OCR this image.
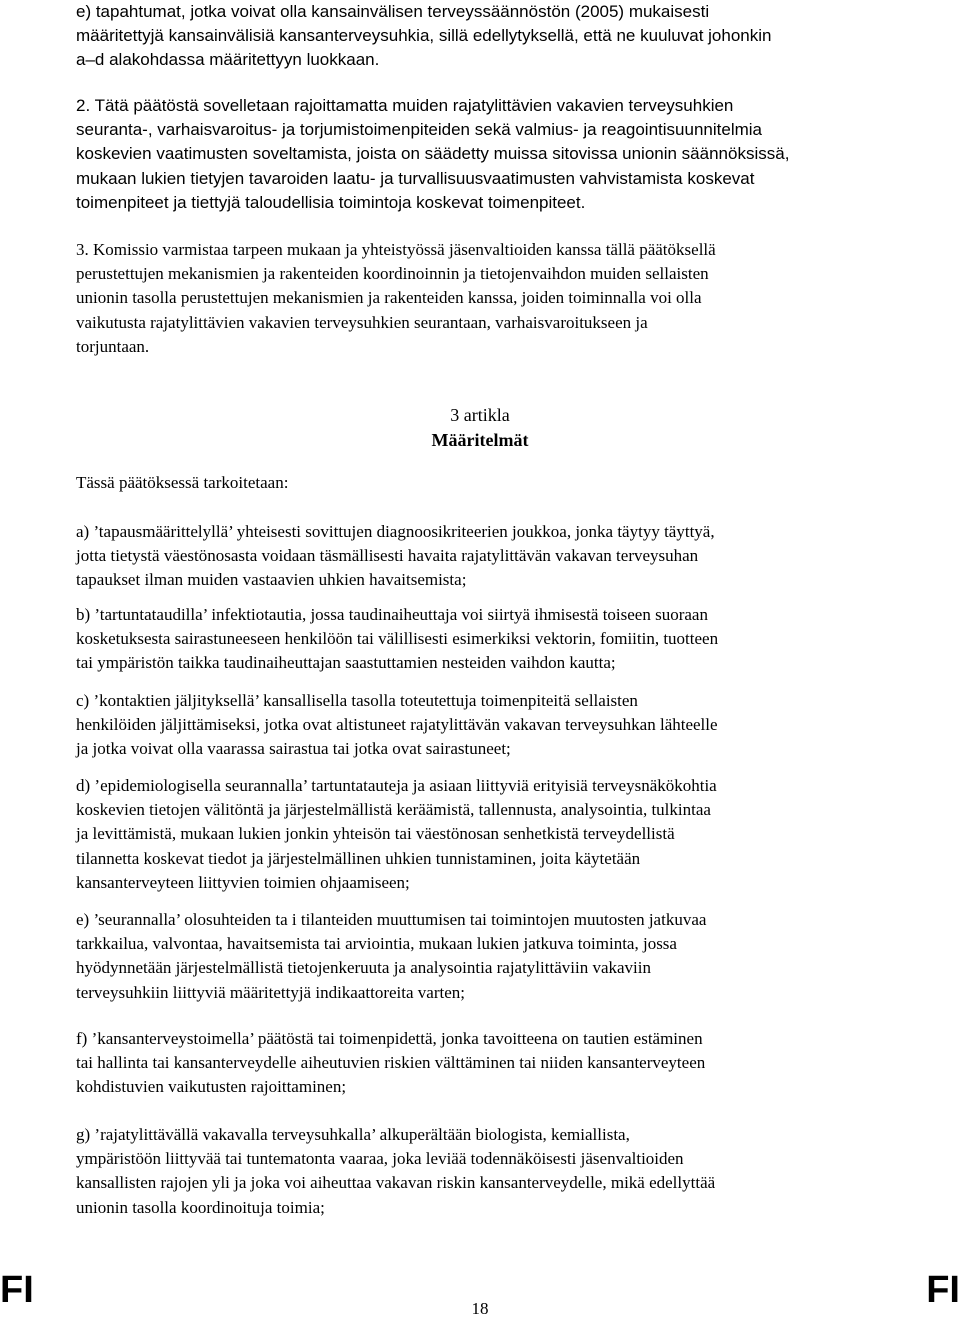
e) tapahtumat, jotka voivat olla kansainvälisen terveyssäännöstön (2005) mukaisesti
määritettyjä kansainvälisiä kansanterveysuhkia, sillä edellytyksellä, että ne kuuluvat johonkin
a–d alakohdassa määritettyyn luokkaan.

2. Tätä päätöstä sovelletaan rajoittamatta muiden rajatylittävien vakavien terveysuhkien
seuranta-, varhaisvaroitus- ja torjumistoimenpiteiden sekä valmius- ja reagointisuunnitelmia
koskevien vaatimusten soveltamista, joista on säädetty muissa sitovissa unionin säännöksissä,
mukaan lukien tietyjen tavaroiden laatu- ja turvallisuusvaatimusten vahvistamista koskevat
toimenpiteet ja tiettyjä taloudellisia toimintoja koskevat toimenpiteet.

3. Komissio varmistaa tarpeen mukaan ja yhteistyössä jäsenvaltioiden kanssa tällä päätöksellä
perustettujen mekanismien ja rakenteiden koordinoinnin ja tietojenvaihdon muiden sellaisten
unionin tasolla perustettujen mekanismien ja rakenteiden kanssa, joiden toiminnalla voi olla
vaikutusta rajatylittävien vakavien terveysuhkien seurantaan, varhaisvaroitukseen ja
torjuntaan.

3 artikla

Määritelmät

Tässä päätöksessä tarkoitetaan:

a) ’tapausmäärittelyllä’ yhteisesti sovittujen diagnoosikriteerien joukkoa, jonka täytyy täyttyä,
jotta tietystä väestönosasta voidaan täsmällisesti havaita rajatylittävän vakavan terveysuhan
tapaukset ilman muiden vastaavien uhkien havaitsemista;

b) ’tartuntataudilla’ infektiotautia, jossa taudinaiheuttaja voi siirtyä ihmisestä toiseen suoraan
kosketuksesta sairastuneeseen henkilöön tai välillisesti esimerkiksi vektorin, fomiitin, tuotteen
tai ympäristön taikka taudinaiheuttajan saastuttamien nesteiden vaihdon kautta;

c) ’kontaktien jäljityksellä’ kansallisella tasolla toteutettuja toimenpiteitä sellaisten
henkilöiden jäljittämiseksi, jotka ovat altistuneet rajatylittävän vakavan terveysuhkan lähteelle
ja jotka voivat olla vaarassa sairastua tai jotka ovat sairastuneet;

d) ’epidemiologisella seurannalla’ tartuntatauteja ja asiaan liittyviä erityisiä terveysnäkökohtia
koskevien tietojen välitöntä ja järjestelmällistä keräämistä, tallennusta, analysointia, tulkintaa
ja levittämistä, mukaan lukien jonkin yhteisön tai väestönosan senhetkistä terveydellistä
tilannetta koskevat tiedot ja järjestelmällinen uhkien tunnistaminen, joita käytetään
kansanterveyteen liittyvien toimien ohjaamiseen;

e) ’seurannalla’ olosuhteiden ta i tilanteiden muuttumisen tai toimintojen muutosten jatkuvaa
tarkkailua, valvontaa, havaitsemista tai arviointia, mukaan lukien jatkuva toiminta, jossa
hyödynnetään järjestelmällistä tietojenkeruuta ja analysointia rajatylittäviin vakaviin
terveysuhkiin liittyviä määritettyjä indikaattoreita varten;

f) ’kansanterveystoimella’ päätöstä tai toimenpidettä, jonka tavoitteena on tautien estäminen
tai hallinta tai kansanterveydelle aiheutuvien riskien välttäminen tai niiden kansanterveyteen
kohdistuvien vaikutusten rajoittaminen;

g) ’rajatylittävällä vakavalla terveysuhkalla’ alkuperältään biologista, kemiallista,
ympäristöön liittyvää tai tuntematonta vaaraa, joka leviää todennäköisesti jäsenvaltioiden
kansallisten rajojen yli ja joka voi aiheuttaa vakavan riskin kansanterveydelle, mikä edellyttää
unionin tasolla koordinoituja toimia;

FI	18	FI
